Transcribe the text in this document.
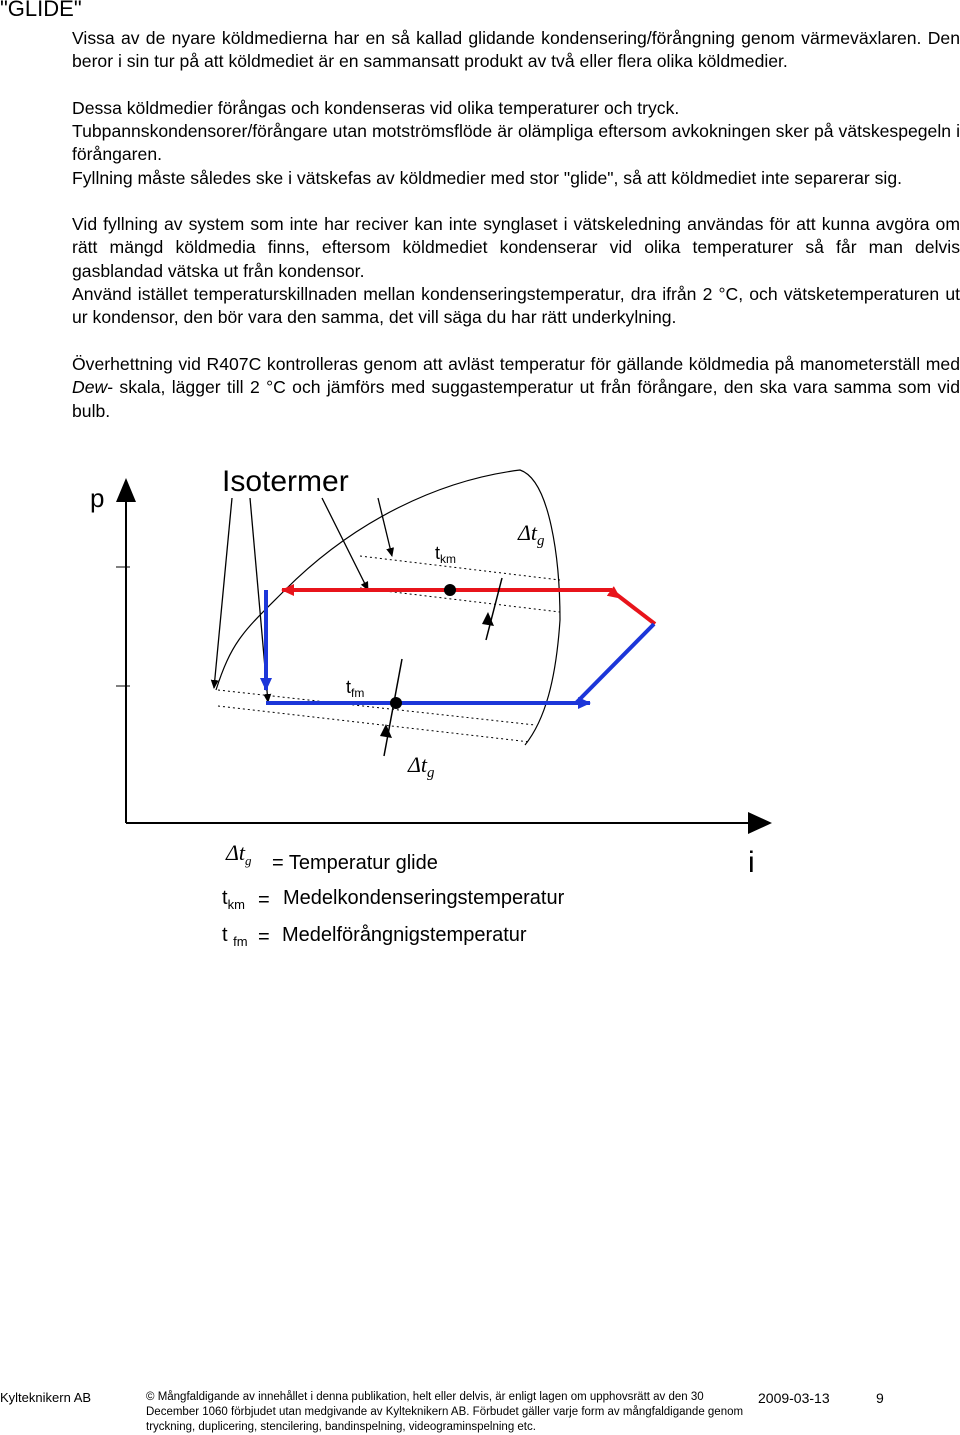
"GLIDE"

Vissa av de nyare köldmedierna har en så kallad glidande kondensering/förångning genom värmeväxlaren. Den beror i sin tur på att köldmediet är en sammansatt produkt av två eller flera olika köldmedier.

Dessa köldmedier förångas och kondenseras vid olika temperaturer och tryck.

Tubpannskondensorer/förångare utan motströmsflöde är olämpliga eftersom avkokningen sker på vätskespegeln i förångaren.

Fyllning måste således ske i vätskefas av köldmedier med stor "glide", så att köldmediet inte separerar sig.

Vid fyllning av system som inte har reciver kan inte synglaset i vätskeledning användas för att kunna avgöra om rätt mängd köldmedia finns, eftersom köldmediet kondenserar vid olika temperaturer så får man delvis gasblandad vätska ut från kondensor.

Använd istället temperaturskillnaden mellan kondenseringstemperatur, dra ifrån 2 °C, och vätsketemperaturen ut ur kondensor, den bör vara den samma, det vill säga du har rätt underkylning.

Överhettning vid R407C kontrolleras genom att avläst temperatur för gällande köldmedia på manometerställ med Dew- skala, lägger till 2 °C och jämförs med suggastemperatur ut från förångare, den ska vara samma som vid bulb.

p	Isotermer
$t_{km}$
$t_{fm}$
$\Delta t_g$
$\Delta t_g$
i
$\Delta t_g$ = Temperatur glide
$t_{km}$ = Medelkondenseringstemperatur
t $_{fm}$ = Medelförångnigstemperatur
Kylteknikern AB	© Mångfaldigande av innehållet i denna publikation, helt eller delvis, är enligt lagen om upphovsrätt av den 30 December 1060 förbjudet utan medgivande av Kylteknikern AB. Förbudet gäller varje form av mångfaldigande genom tryckning, duplicering, stencilering, bandinspelning, videograminspelning etc.
2009-03-13	9
